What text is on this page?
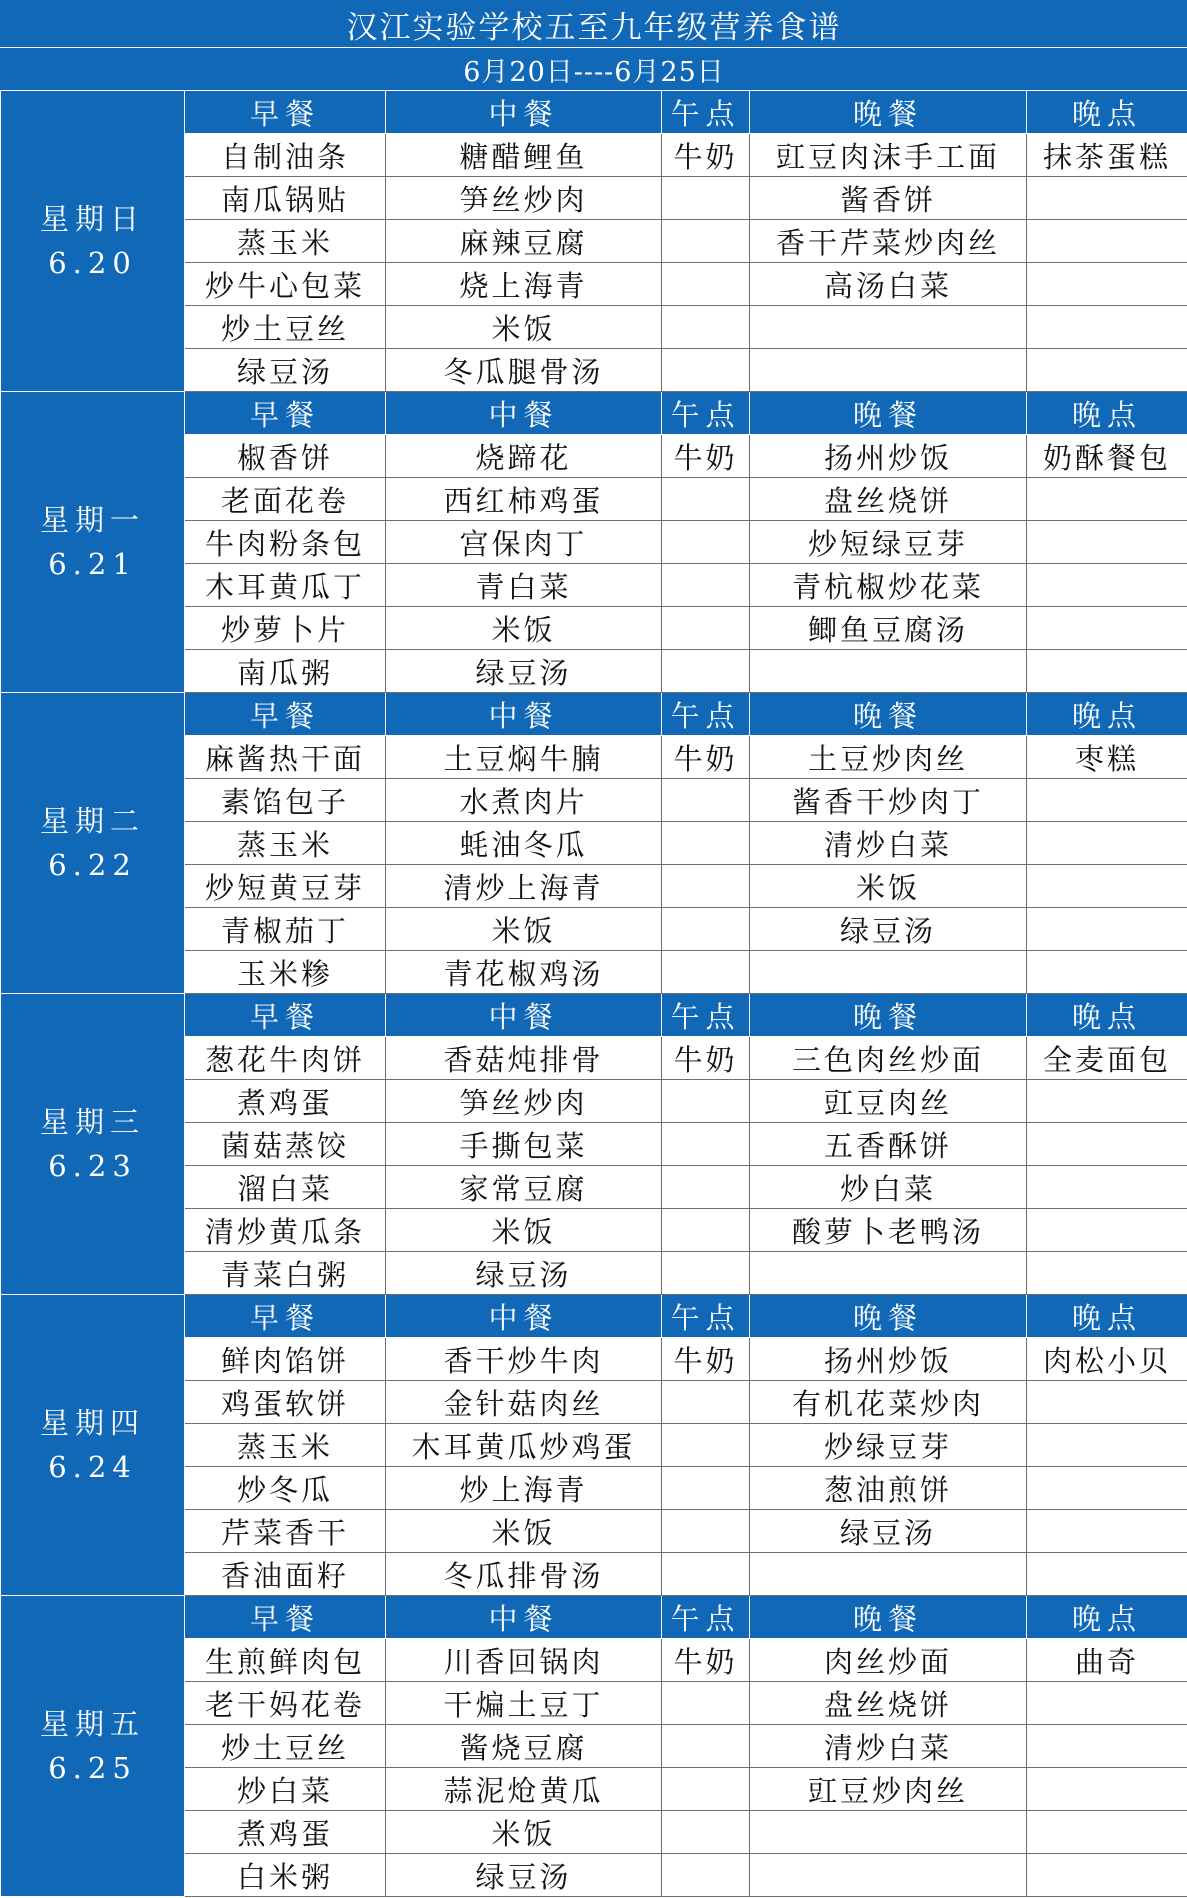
汉江实验学校五至九年级营养食谱					
6月20日----6月25日					

星期日
6.20	早餐	中餐	午点	晚餐	晚点
	自制油条	糖醋鲤鱼	牛奶	豇豆肉沫手工面	抹茶蛋糕
	南瓜锅贴	笋丝炒肉		酱香饼	
	蒸玉米	麻辣豆腐		香干芹菜炒肉丝	
	炒牛心包菜	烧上海青		高汤白菜	
	炒土豆丝	米饭			
	绿豆汤	冬瓜腿骨汤			

星期一
6.21	早餐	中餐	午点	晚餐	晚点
	椒香饼	烧蹄花	牛奶	扬州炒饭	奶酥餐包
	老面花卷	西红柿鸡蛋		盘丝烧饼	
	牛肉粉条包	宫保肉丁		炒短绿豆芽	
	木耳黄瓜丁	青白菜		青杭椒炒花菜	
	炒萝卜片	米饭		鲫鱼豆腐汤	
	南瓜粥	绿豆汤			

星期二
6.22	早餐	中餐	午点	晚餐	晚点
	麻酱热干面	土豆焖牛腩	牛奶	土豆炒肉丝	枣糕
	素馅包子	水煮肉片		酱香干炒肉丁	
	蒸玉米	蚝油冬瓜		清炒白菜	
	炒短黄豆芽	清炒上海青		米饭	
	青椒茄丁	米饭		绿豆汤	
	玉米糁	青花椒鸡汤			

星期三
6.23	早餐	中餐	午点	晚餐	晚点
	葱花牛肉饼	香菇炖排骨	牛奶	三色肉丝炒面	全麦面包
	煮鸡蛋	笋丝炒肉		豇豆肉丝	
	菌菇蒸饺	手撕包菜		五香酥饼	
	溜白菜	家常豆腐		炒白菜	
	清炒黄瓜条	米饭		酸萝卜老鸭汤	
	青菜白粥	绿豆汤			

星期四
6.24	早餐	中餐	午点	晚餐	晚点
	鲜肉馅饼	香干炒牛肉	牛奶	扬州炒饭	肉松小贝
	鸡蛋软饼	金针菇肉丝		有机花菜炒肉	
	蒸玉米	木耳黄瓜炒鸡蛋		炒绿豆芽	
	炒冬瓜	炒上海青		葱油煎饼	
	芹菜香干	米饭		绿豆汤	
	香油面籽	冬瓜排骨汤			

星期五
6.25	早餐	中餐	午点	晚餐	晚点
	生煎鲜肉包	川香回锅肉	牛奶	肉丝炒面	曲奇
	老干妈花卷	干煸土豆丁		盘丝烧饼	
	炒土豆丝	酱烧豆腐		清炒白菜	
	炒白菜	蒜泥炝黄瓜		豇豆炒肉丝	
	煮鸡蛋	米饭			
	白米粥	绿豆汤			
